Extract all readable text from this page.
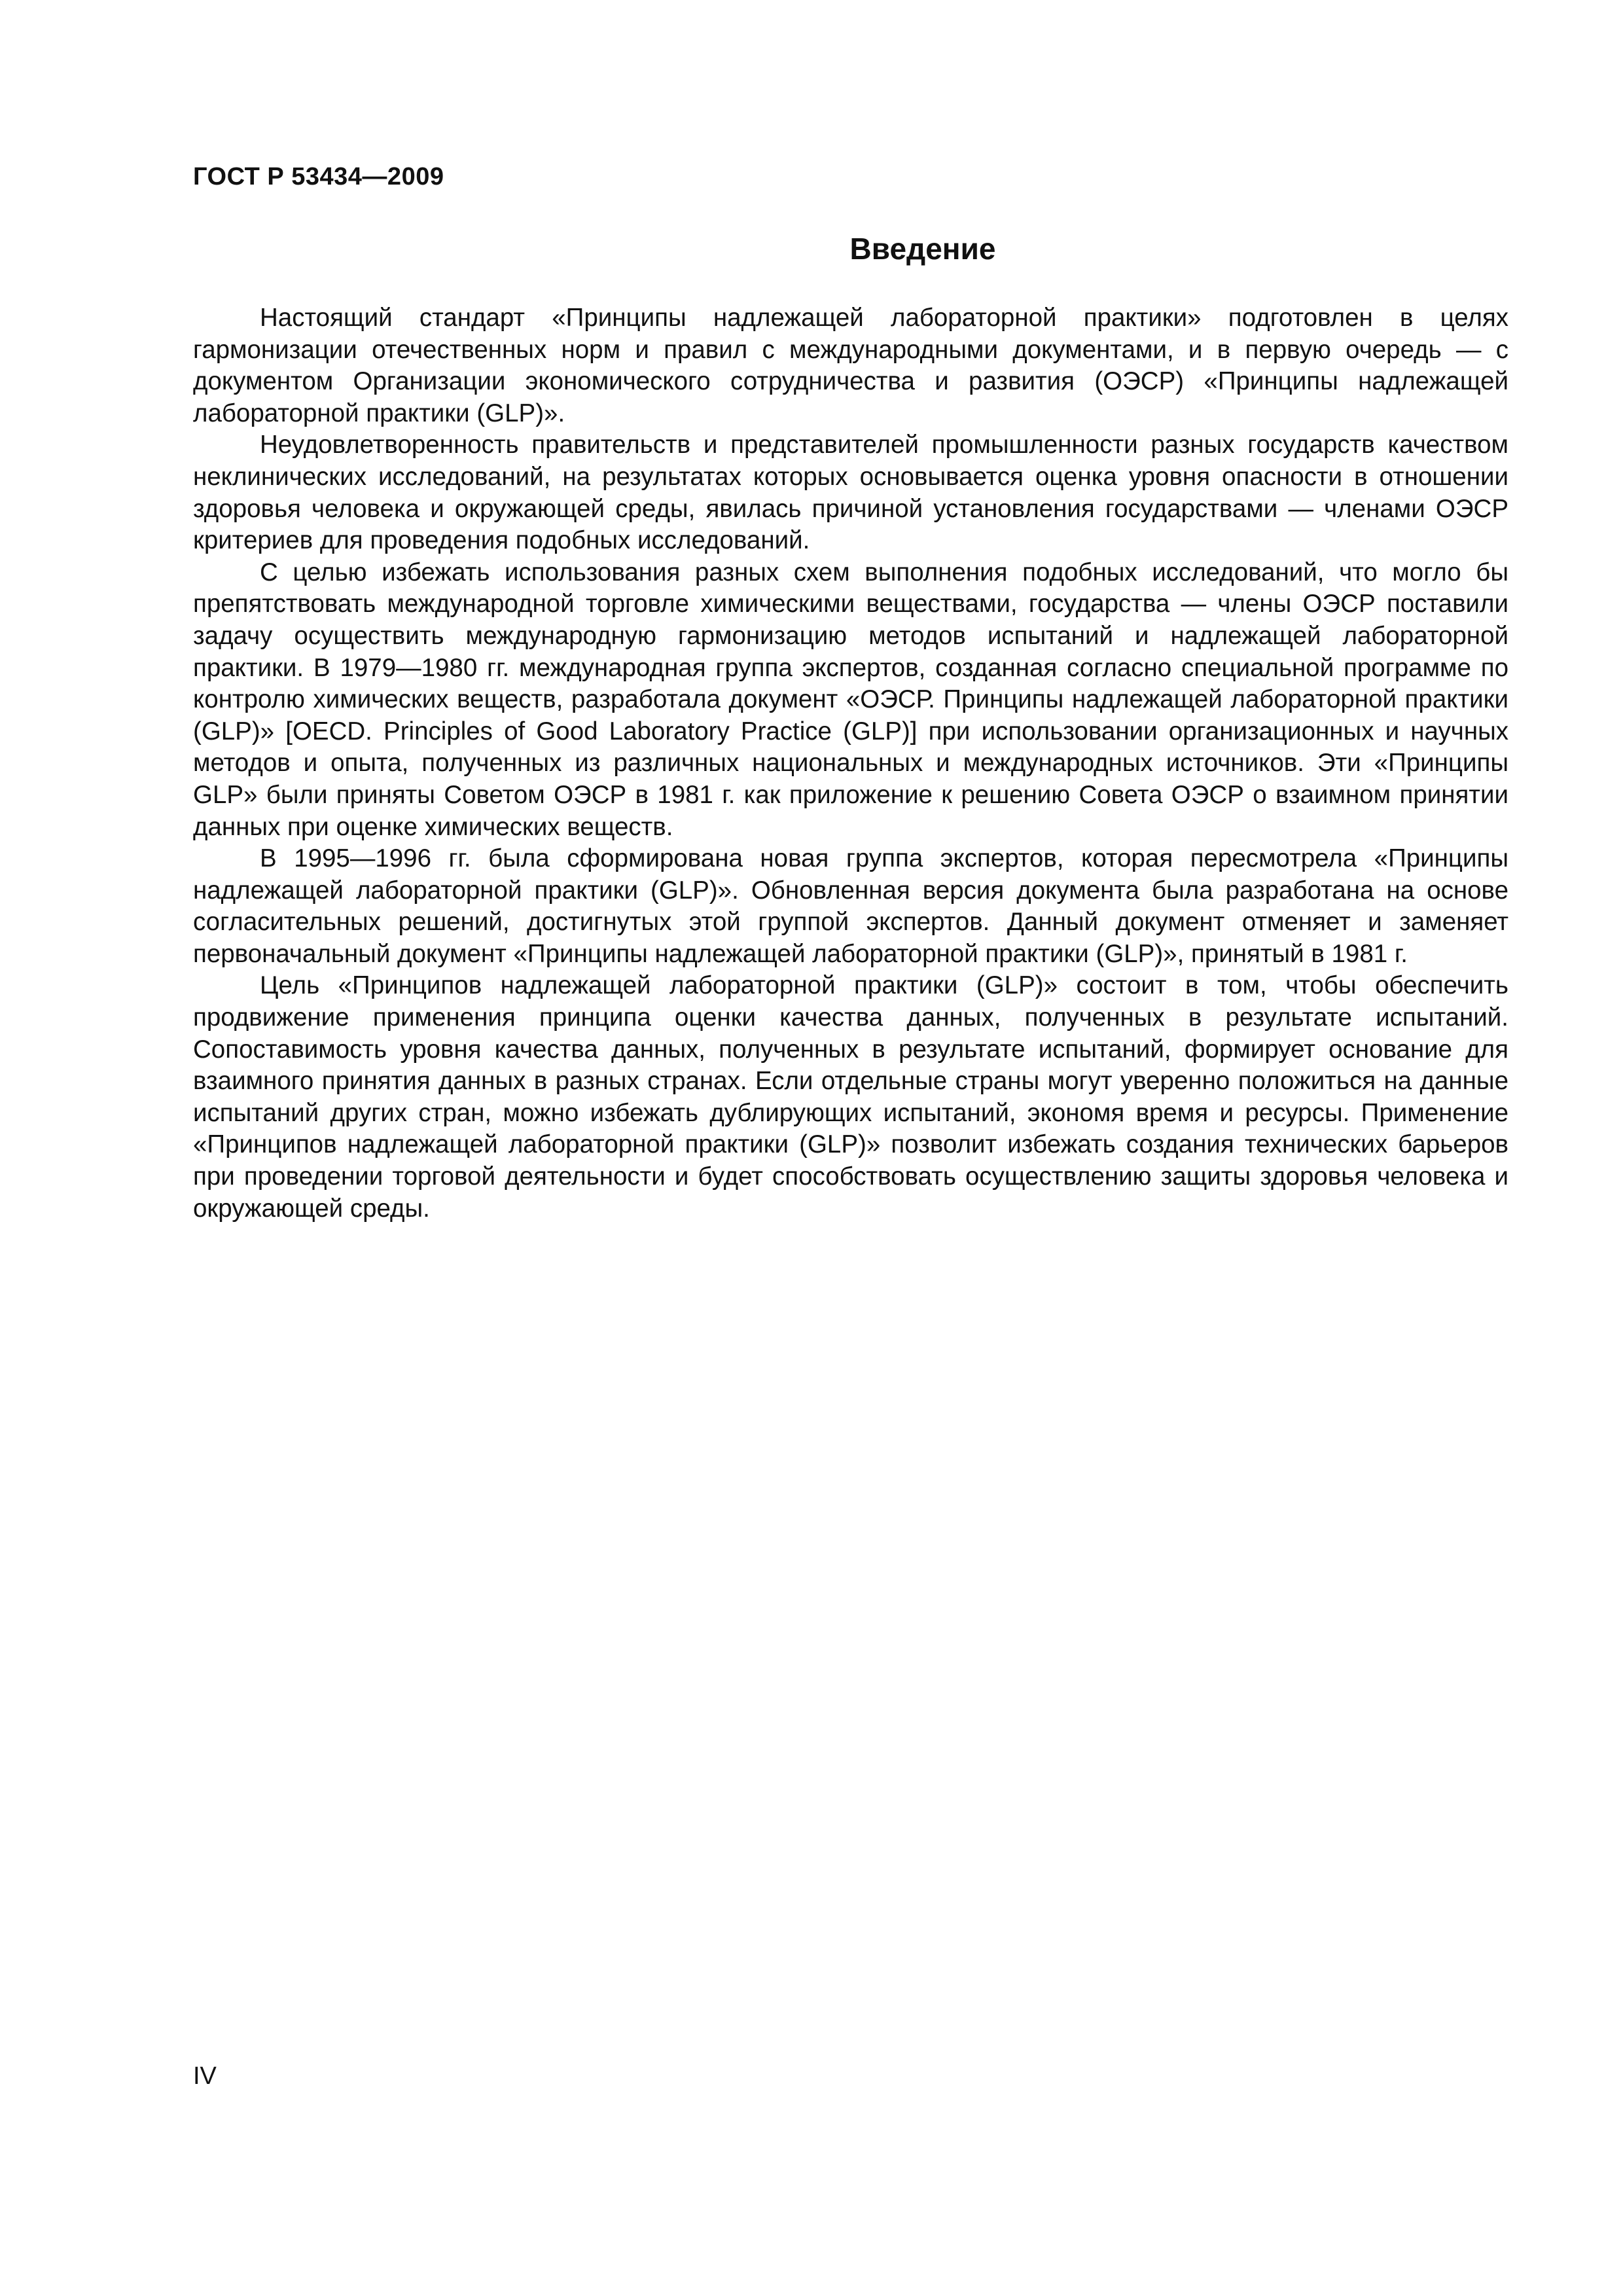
ГОСТ Р 53434—2009

Введение

Настоящий стандарт «Принципы надлежащей лабораторной практики» подготовлен в целях гармонизации отечественных норм и правил с международными документами, и в первую очередь — с документом Организации экономического сотрудничества и развития (ОЭСР) «Принципы надлежащей лабораторной практики (GLP)».

Неудовлетворенность правительств и представителей промышленности разных государств качеством неклинических исследований, на результатах которых основывается оценка уровня опасности в отношении здоровья человека и окружающей среды, явилась причиной установления государствами — членами ОЭСР критериев для проведения подобных исследований.

С целью избежать использования разных схем выполнения подобных исследований, что могло бы препятствовать международной торговле химическими веществами, государства — члены ОЭСР поставили задачу осуществить международную гармонизацию методов испытаний и надлежащей лабораторной практики. В 1979—1980 гг. международная группа экспертов, созданная согласно специальной программе по контролю химических веществ, разработала документ «ОЭСР. Принципы надлежащей лабораторной практики (GLP)» [OECD. Principles of Good Laboratory Practice (GLP)] при использовании организационных и научных методов и опыта, полученных из различных национальных и международных источников. Эти «Принципы GLP» были приняты Советом ОЭСР в 1981 г. как приложение к решению Совета ОЭСР о взаимном принятии данных при оценке химических веществ.

В 1995—1996 гг. была сформирована новая группа экспертов, которая пересмотрела «Принципы надлежащей лабораторной практики (GLP)». Обновленная версия документа была разработана на основе согласительных решений, достигнутых этой группой экспертов. Данный документ отменяет и заменяет первоначальный документ «Принципы надлежащей лабораторной практики (GLP)», принятый в 1981 г.

Цель «Принципов надлежащей лабораторной практики (GLP)» состоит в том, чтобы обеспечить продвижение применения принципа оценки качества данных, полученных в результате испытаний. Сопоставимость уровня качества данных, полученных в результате испытаний, формирует основание для взаимного принятия данных в разных странах. Если отдельные страны могут уверенно положиться на данные испытаний других стран, можно избежать дублирующих испытаний, экономя время и ресурсы. Применение «Принципов надлежащей лабораторной практики (GLP)» позволит избежать создания технических барьеров при проведении торговой деятельности и будет способствовать осуществлению защиты здоровья человека и окружающей среды.

IV
